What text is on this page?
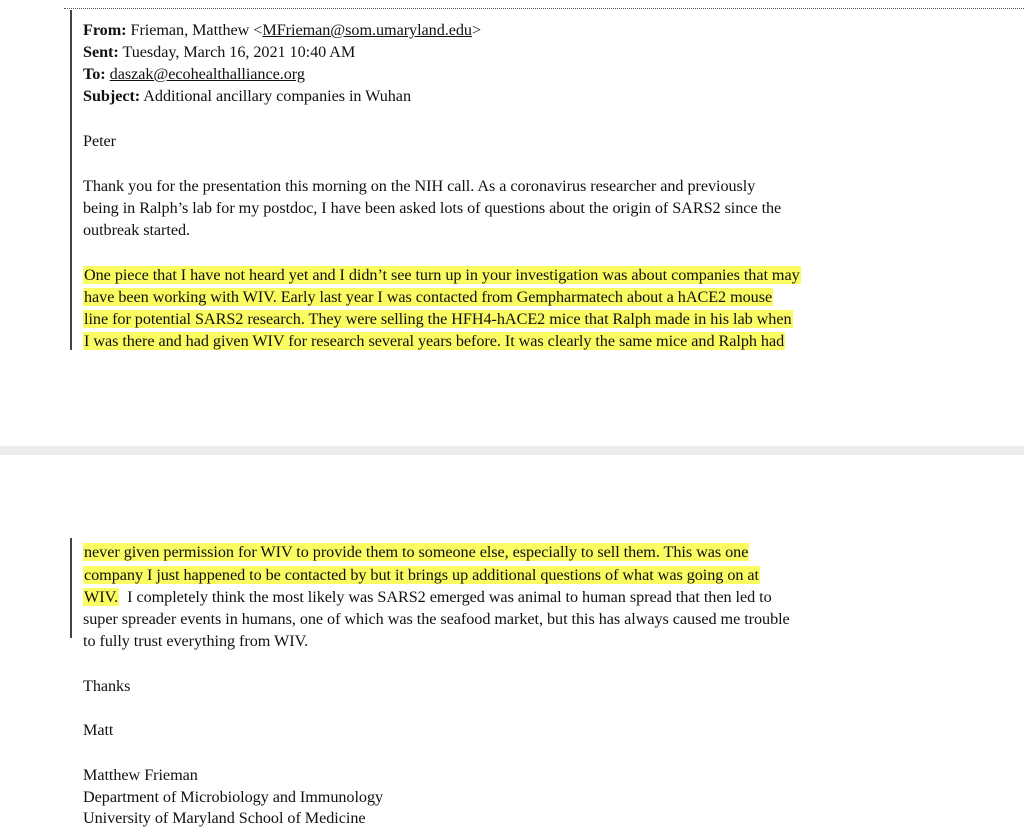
From: Frieman, Matthew <MFrieman@som.umaryland.edu>
Sent: Tuesday, March 16, 2021 10:40 AM
To: daszak@ecohealthalliance.org
Subject: Additional ancillary companies in Wuhan
Peter
Thank you for the presentation this morning on the NIH call. As a coronavirus researcher and previously
being in Ralph’s lab for my postdoc, I have been asked lots of questions about the origin of SARS2 since the
outbreak started.
One piece that I have not heard yet and I didn’t see turn up in your investigation was about companies that may
have been working with WIV. Early last year I was contacted from Gempharmatech about a hACE2 mouse
line for potential SARS2 research. They were selling the HFH4-hACE2 mice that Ralph made in his lab when
I was there and had given WIV for research several years before. It was clearly the same mice and Ralph had
never given permission for WIV to provide them to someone else, especially to sell them. This was one
company I just happened to be contacted by but it brings up additional questions of what was going on at
WIV.  I completely think the most likely was SARS2 emerged was animal to human spread that then led to
super spreader events in humans, one of which was the seafood market, but this has always caused me trouble
to fully trust everything from WIV.
Thanks
Matt
Matthew Frieman
Department of Microbiology and Immunology
University of Maryland School of Medicine
